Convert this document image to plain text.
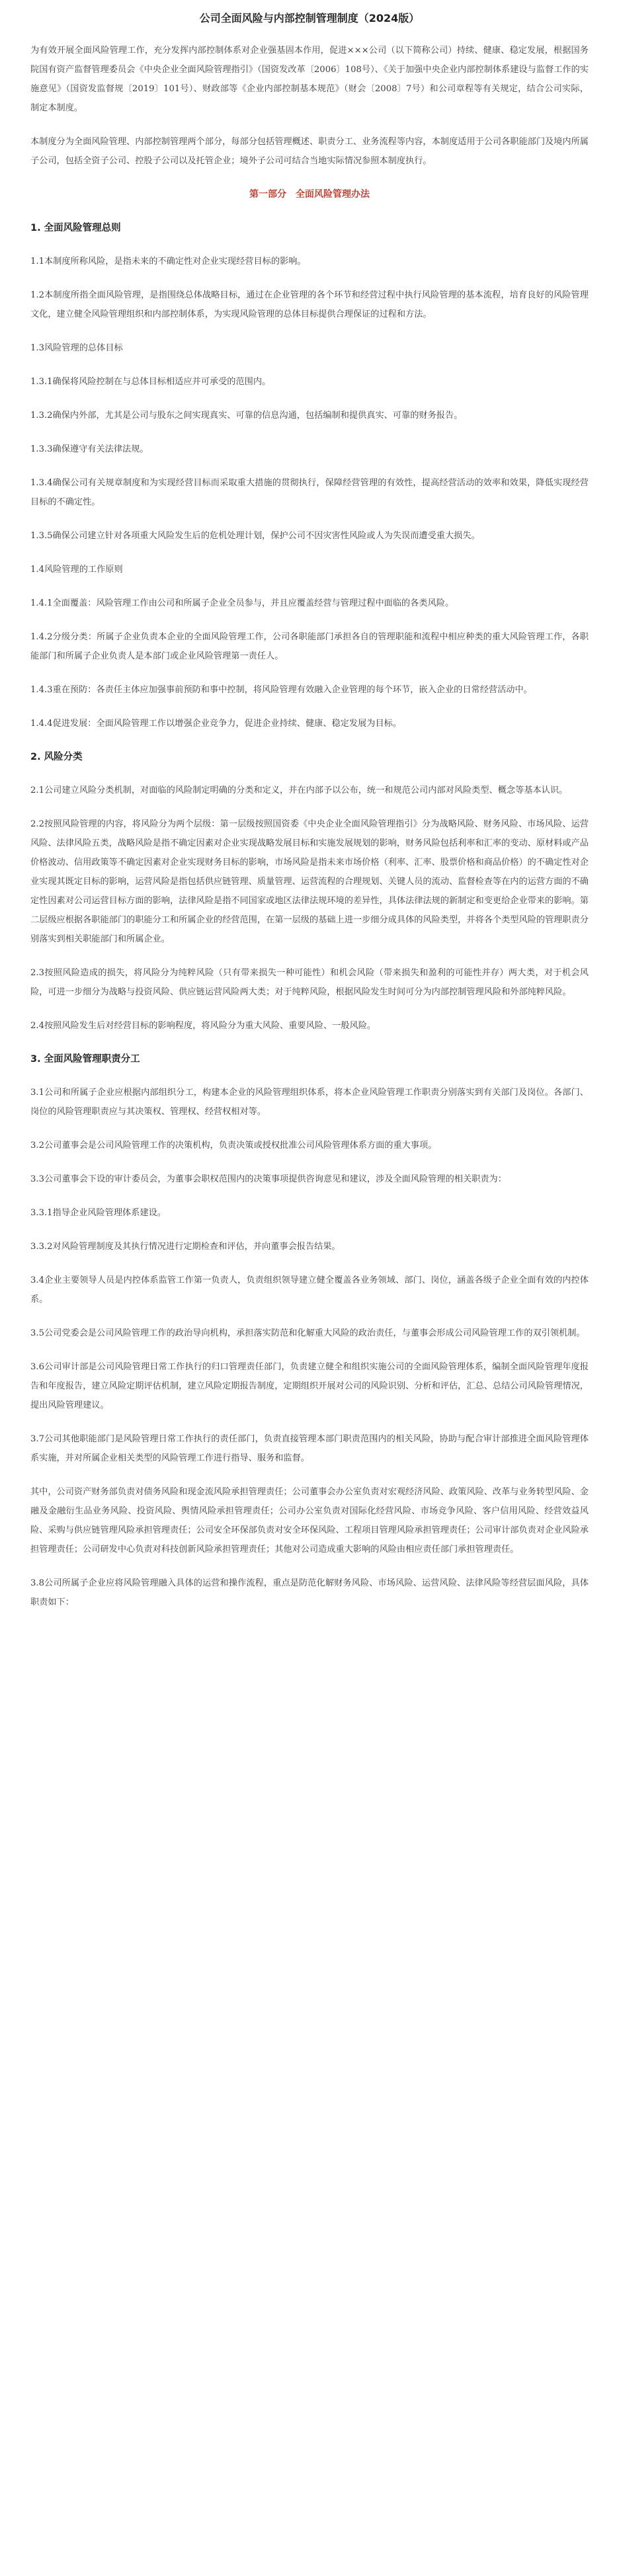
公司全面风险与内部控制管理制度（2024版）

为有效开展全面风险管理工作，充分发挥内部控制体系对企业强基固本作用，促进×××公司（以下简称公司）持续、健康、稳定发展，根据国务院国有资产监督管理委员会《中央企业全面风险管理指引》（国资发改革〔2006〕108号）、《关于加强中央企业内部控制体系建设与监督工作的实施意见》（国资发监督规〔2019〕101号）、财政部等《企业内部控制基本规范》（财会〔2008〕7号）和公司章程等有关规定，结合公司实际，制定本制度。

本制度分为全面风险管理、内部控制管理两个部分，每部分包括管理概述、职责分工、业务流程等内容，本制度适用于公司各职能部门及境内所属子公司，包括全资子公司、控股子公司以及托管企业；境外子公司可结合当地实际情况参照本制度执行。

第一部分　全面风险管理办法
1. 全面风险管理总则

1.1本制度所称风险，是指未来的不确定性对企业实现经营目标的影响。

1.2本制度所指全面风险管理，是指围绕总体战略目标，通过在企业管理的各个环节和经营过程中执行风险管理的基本流程，培育良好的风险管理文化，建立健全风险管理组织和内部控制体系，为实现风险管理的总体目标提供合理保证的过程和方法。

1.3风险管理的总体目标

1.3.1确保将风险控制在与总体目标相适应并可承受的范围内。

1.3.2确保内外部，尤其是公司与股东之间实现真实、可靠的信息沟通，包括编制和提供真实、可靠的财务报告。

1.3.3确保遵守有关法律法规。

1.3.4确保公司有关规章制度和为实现经营目标而采取重大措施的贯彻执行，保障经营管理的有效性，提高经营活动的效率和效果，降低实现经营目标的不确定性。

1.3.5确保公司建立针对各项重大风险发生后的危机处理计划，保护公司不因灾害性风险或人为失误而遭受重大损失。

1.4风险管理的工作原则

1.4.1全面覆盖：风险管理工作由公司和所属子企业全员参与，并且应覆盖经营与管理过程中面临的各类风险。

1.4.2分级分类：所属子企业负责本企业的全面风险管理工作，公司各职能部门承担各自的管理职能和流程中相应种类的重大风险管理工作，各职能部门和所属子企业负责人是本部门或企业风险管理第一责任人。

1.4.3重在预防：各责任主体应加强事前预防和事中控制，将风险管理有效融入企业管理的每个环节，嵌入企业的日常经营活动中。

1.4.4促进发展：全面风险管理工作以增强企业竞争力，促进企业持续、健康、稳定发展为目标。

2. 风险分类

2.1公司建立风险分类机制，对面临的风险制定明确的分类和定义，并在内部予以公布，统一和规范公司内部对风险类型、概念等基本认识。

2.2按照风险管理的内容，将风险分为两个层级：第一层级按照国资委《中央企业全面风险管理指引》分为战略风险、财务风险、市场风险、运营风险、法律风险五类，战略风险是指不确定因素对企业实现战略发展目标和实施发展规划的影响，财务风险包括利率和汇率的变动、原材料或产品价格波动、信用政策等不确定因素对企业实现财务目标的影响，市场风险是指未来市场价格（利率、汇率、股票价格和商品价格）的不确定性对企业实现其既定目标的影响，运营风险是指包括供应链管理、质量管理、运营流程的合理规划、关键人员的流动、监督检查等在内的运营方面的不确定性因素对公司运营目标方面的影响，法律风险是指不同国家或地区法律法规环境的差异性，具体法律法规的新制定和变更给企业带来的影响。第二层级应根据各职能部门的职能分工和所属企业的经营范围，在第一层级的基础上进一步细分成具体的风险类型，并将各个类型风险的管理职责分别落实到相关职能部门和所属企业。

2.3按照风险造成的损失，将风险分为纯粹风险（只有带来损失一种可能性）和机会风险（带来损失和盈利的可能性并存）两大类，对于机会风险，可进一步细分为战略与投资风险、供应链运营风险两大类；对于纯粹风险，根据风险发生时间可分为内部控制管理风险和外部纯粹风险。

2.4按照风险发生后对经营目标的影响程度，将风险分为重大风险、重要风险、一般风险。

3. 全面风险管理职责分工

3.1公司和所属子企业应根据内部组织分工，构建本企业的风险管理组织体系，将本企业风险管理工作职责分别落实到有关部门及岗位。各部门、岗位的风险管理职责应与其决策权、管理权、经营权相对等。

3.2公司董事会是公司风险管理工作的决策机构，负责决策或授权批准公司风险管理体系方面的重大事项。

3.3公司董事会下设的审计委员会，为董事会职权范围内的决策事项提供咨询意见和建议，涉及全面风险管理的相关职责为：

3.3.1指导企业风险管理体系建设。

3.3.2对风险管理制度及其执行情况进行定期检查和评估，并向董事会报告结果。

3.4企业主要领导人员是内控体系监管工作第一负责人，负责组织领导建立健全覆盖各业务领域、部门、岗位，涵盖各级子企业全面有效的内控体系。

3.5公司党委会是公司风险管理工作的政治导向机构，承担落实防范和化解重大风险的政治责任，与董事会形成公司风险管理工作的双引领机制。

3.6公司审计部是公司风险管理日常工作执行的归口管理责任部门，负责建立健全和组织实施公司的全面风险管理体系，编制全面风险管理年度报告和年度报告，建立风险定期评估机制，建立风险定期报告制度，定期组织开展对公司的风险识别、分析和评估，汇总、总结公司风险管理情况，提出风险管理建议。

3.7公司其他职能部门是风险管理日常工作执行的责任部门，负责直接管理本部门职责范围内的相关风险，协助与配合审计部推进全面风险管理体系实施，并对所属企业相关类型的风险管理工作进行指导、服务和监督。

其中，公司资产财务部负责对债务风险和现金流风险承担管理责任；公司董事会办公室负责对宏观经济风险、政策风险、改革与业务转型风险、金融及金融衍生品业务风险、投资风险、舆情风险承担管理责任；公司办公室负责对国际化经营风险、市场竞争风险、客户信用风险、经营效益风险、采购与供应链管理风险承担管理责任；公司安全环保部负责对安全环保风险、工程项目管理风险承担管理责任；公司审计部负责对企业风险承担管理责任；公司研发中心负责对科技创新风险承担管理责任；其他对公司造成重大影响的风险由相应责任部门承担管理责任。

3.8公司所属子企业应将风险管理融入具体的运营和操作流程，重点是防范化解财务风险、市场风险、运营风险、法律风险等经营层面风险，具体职责如下：
